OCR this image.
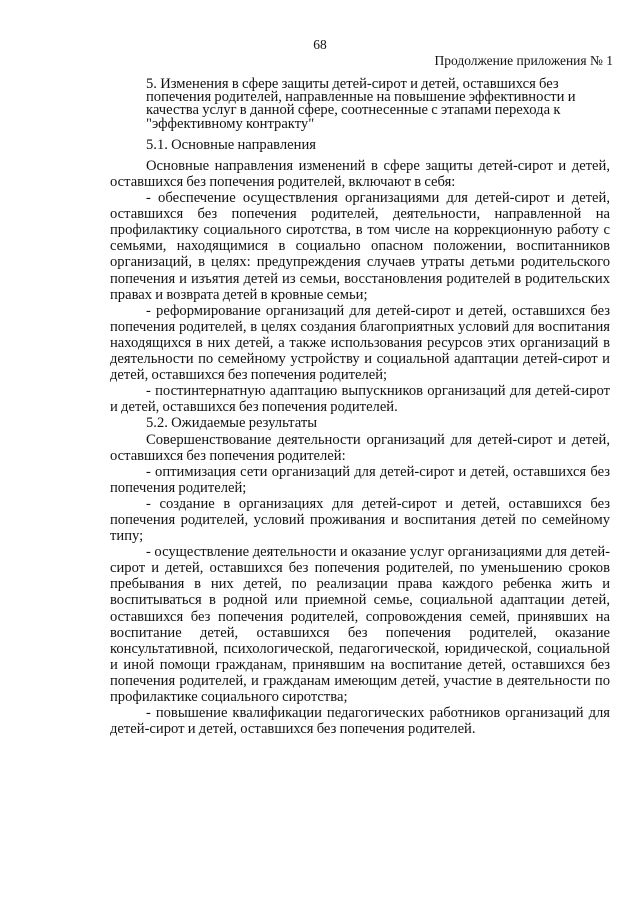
68
Продолжение приложения № 1

5. Изменения в сфере защиты детей-сирот и детей, оставшихся без попечения родителей, направленные на повышение эффективности и качества услуг в данной сфере, соотнесенные с этапами перехода к "эффективному контракту"

5.1. Основные направления

Основные направления изменений в сфере защиты детей-сирот и детей, оставшихся без попечения родителей, включают в себя:

- обеспечение осуществления организациями для детей-сирот и детей, оставшихся без попечения родителей, деятельности, направленной на профилактику социального сиротства, в том числе на коррекционную работу с семьями, находящимися в социально опасном положении, воспитанников организаций, в целях: предупреждения случаев утраты детьми родительского попечения и изъятия детей из семьи, восстановления родителей в родительских правах и возврата детей в кровные семьи;

- реформирование организаций для детей-сирот и детей, оставшихся без попечения родителей, в целях создания благоприятных условий для воспитания находящихся в них детей, а также использования ресурсов этих организаций в деятельности по семейному устройству и социальной адаптации детей-сирот и детей, оставшихся без попечения родителей;

- постинтернатную адаптацию выпускников организаций для детей-сирот и детей, оставшихся без попечения родителей.

5.2. Ожидаемые результаты

Совершенствование деятельности организаций для детей-сирот и детей, оставшихся без попечения родителей:

- оптимизация сети организаций для детей-сирот и детей, оставшихся без попечения родителей;

- создание в организациях для детей-сирот и детей, оставшихся без попечения родителей, условий проживания и воспитания детей по семейному типу;

- осуществление деятельности и оказание услуг организациями для детей-сирот и детей, оставшихся без попечения родителей, по уменьшению сроков пребывания в них детей, по реализации права каждого ребенка жить и воспитываться в родной или приемной семье, социальной адаптации детей, оставшихся без попечения родителей, сопровождения семей, принявших на воспитание детей, оставшихся без попечения родителей, оказание консультативной, психологической, педагогической, юридической, социальной и иной помощи гражданам, принявшим на воспитание детей, оставшихся без попечения родителей, и гражданам имеющим детей, участие в деятельности по профилактике социального сиротства;

- повышение квалификации педагогических работников организаций для детей-сирот и детей, оставшихся без попечения родителей.
